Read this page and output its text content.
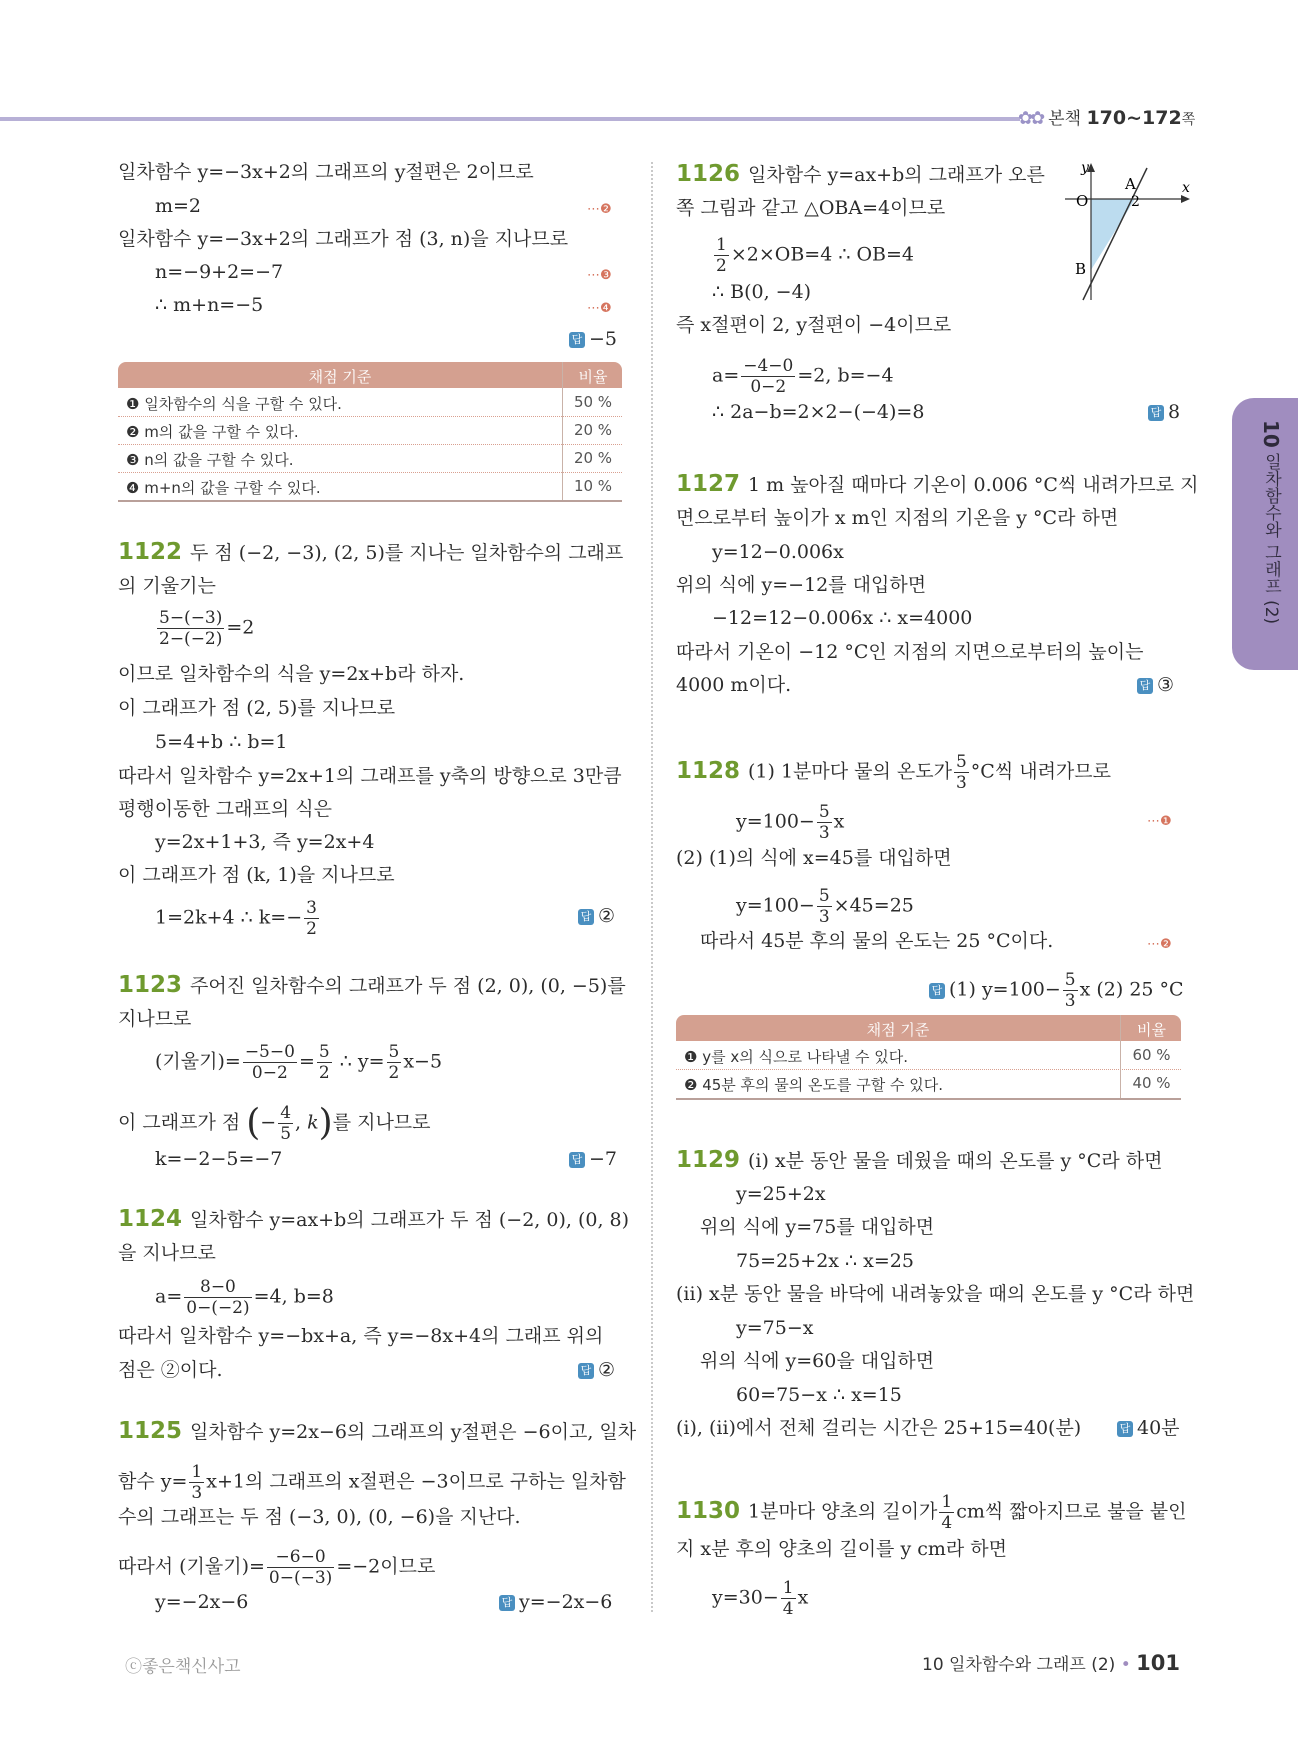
✿✿ 본책 170~172쪽
10 일차함수와 그래프 (2)
일차함수 y=−3x+2의 그래프의 y절편은 2이므로
m=2	⋯❷
일차함수 y=−3x+2의 그래프가 점 (3, n)을 지나므로
n=−9+2=−7	⋯❸
∴ m+n=−5	⋯❹
답 −5
채점 기준	비율
❶ 일차함수의 식을 구할 수 있다.	50 %
❷ m의 값을 구할 수 있다.	20 %
❸ n의 값을 구할 수 있다.	20 %
❹ m+n의 값을 구할 수 있다.	10 %
1122 두 점 (−2, −3), (2, 5)를 지나는 일차함수의 그래프
의 기울기는
$\frac{5-(-3)}{2-(-2)} =2$
이므로 일차함수의 식을 y=2x+b라 하자.
이 그래프가 점 (2, 5)를 지나므로
5=4+b ∴ b=1
따라서 일차함수 y=2x+1의 그래프를 y축의 방향으로 3만큼
평행이동한 그래프의 식은
y=2x+1+3, 즉 y=2x+4
이 그래프가 점 (k, 1)을 지나므로
1=2k+4 ∴ $k=- \frac{3}{2}$	답 ②
1123 주어진 일차함수의 그래프가 두 점 (2, 0), (0, −5)를
지나므로
(기울기)= $\frac{-5-0}{0-2} = \frac{5}{2}$ ∴ $y= \frac{5}{2} x-5$
이 그래프가 점 (− $\frac{4}{5}$ , k)를 지나므로
k=−2−5=−7	답 −7
1124 일차함수 y=ax+b의 그래프가 두 점 (−2, 0), (0, 8)
을 지나므로
$a= \frac{8-0}{0-(-2)} =4$, b=8
따라서 일차함수 y=−bx+a, 즉 y=−8x+4의 그래프 위의
점은 ②이다.	답 ②
1125 일차함수 y=2x−6의 그래프의 y절편은 −6이고, 일차
함수 $y= \frac{1}{3} x+1$의 그래프의 x절편은 −3이므로 구하는 일차함
수의 그래프는 두 점 (−3, 0), (0, −6)을 지난다.
따라서 (기울기)= $\frac{-6-0}{0-(-3)} =-2$이므로
y=−2x−6	답 y=−2x−6
1126 일차함수 y=ax+b의 그래프가 오른
쪽 그림과 같고 △OBA=4이므로
$\frac{1}{2} \times 2\times OB=4$ ∴ OB=4
∴ B(0, −4)
즉 x절편이 2, y절편이 −4이므로
$a= \frac{-4-0}{0-2} =2$, b=−4
∴ 2a−b=2×2−(−4)=8	답 8
y
x
O
A
2
B
1127 1 m 높아질 때마다 기온이 0.006 °C씩 내려가므로 지
면으로부터 높이가 x m인 지점의 기온을 y °C라 하면
y=12−0.006x
위의 식에 y=−12를 대입하면
−12=12−0.006x ∴ x=4000
따라서 기온이 −12 °C인 지점의 지면으로부터의 높이는
4000 m이다.	답 ③
1128 (1) 1분마다 물의 온도가 $\frac{5}{3} ^\circ C$씩 내려가므로
$y=100- \frac{5}{3}$ x	⋯❶
(2) (1)의 식에 x=45를 대입하면
$y=100- \frac{5}{3} \times 45=25$
따라서 45분 후의 물의 온도는 25 °C이다.	⋯❷
답 (1) $y=100- \frac{5}{3}$ x (2) 25 °C
채점 기준	비율
❶ y를 x의 식으로 나타낼 수 있다.	60 %
❷ 45분 후의 물의 온도를 구할 수 있다.	40 %
1129 (i) x분 동안 물을 데웠을 때의 온도를 y °C라 하면
y=25+2x
위의 식에 y=75를 대입하면
75=25+2x ∴ x=25
(ii) x분 동안 물을 바닥에 내려놓았을 때의 온도를 y °C라 하면
y=75−x
위의 식에 y=60을 대입하면
60=75−x ∴ x=15
(i), (ii)에서 전체 걸리는 시간은 25+15=40(분)	답 40분
1130 1분마다 양초의 길이가 $\frac{1}{4}$ cm씩 짧아지므로 불을 붙인
지 x분 후의 양초의 길이를 y cm라 하면
$y=30- \frac{1}{4}$ x
ⓒ좋은책신사고	10 일차함수와 그래프 (2) • 101
